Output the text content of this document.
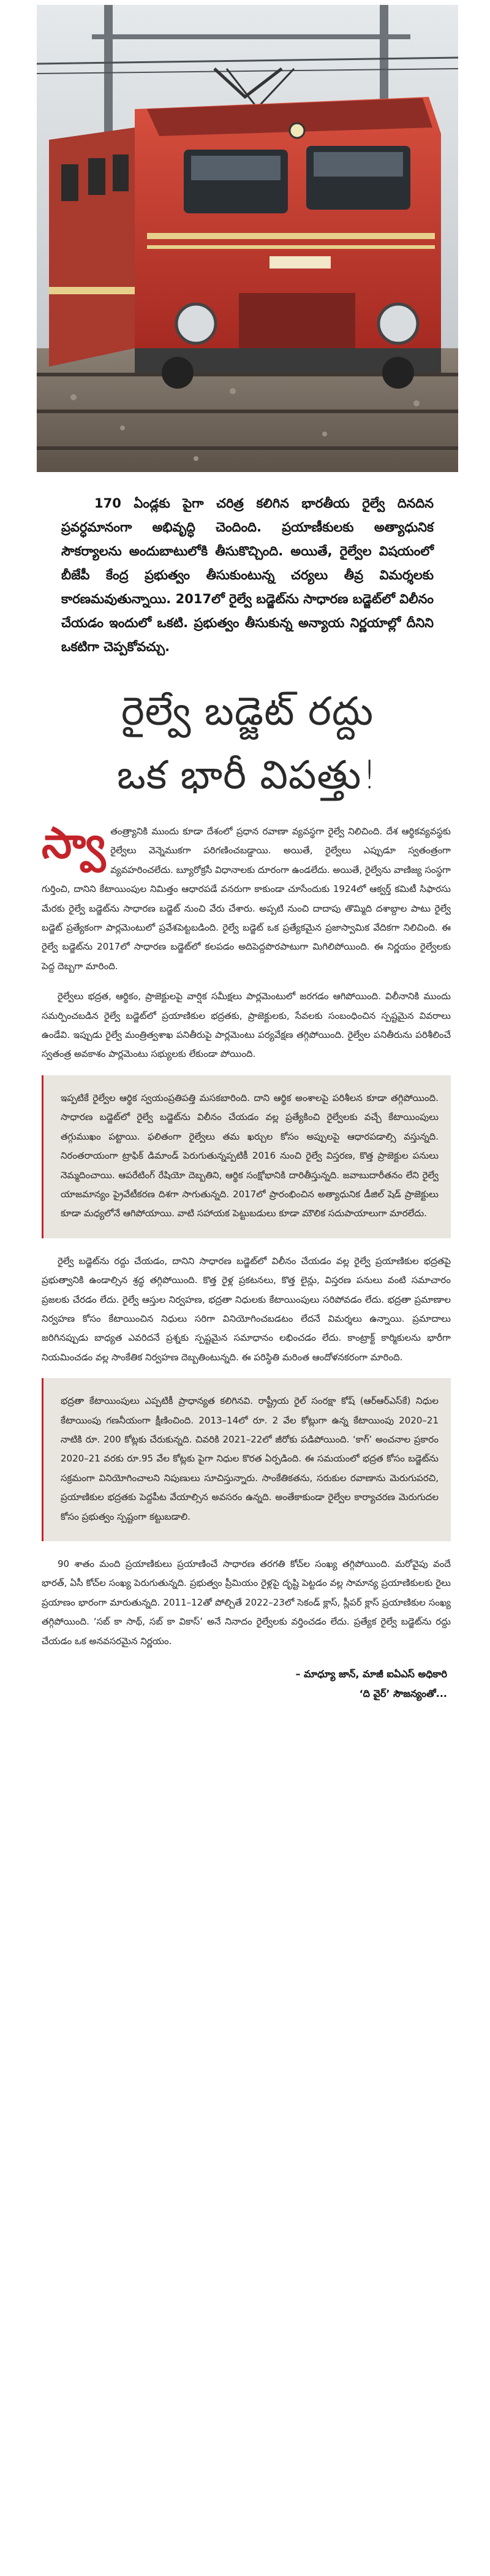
170 ఏండ్లకు పైగా చరిత్ర కలిగిన భారతీయ రైల్వే దినదిన ప్రవర్ధమానంగా అభివృద్ధి చెందింది. ప్రయాణీకులకు అత్యాధునిక సౌకర్యాలను అందుబాటులోకి తీసుకొచ్చింది. అయితే, రైల్వేల విషయంలో బీజేపీ కేంద్ర ప్రభుత్వం తీసుకుంటున్న చర్యలు తీవ్ర విమర్శలకు కారణమవుతున్నాయి. 2017లో రైల్వే బడ్జెట్‌ను సాధారణ బడ్జెట్‌లో విలీనం చేయడం ఇందులో ఒకటి. ప్రభుత్వం తీసుకున్న అన్యాయ నిర్ణయాల్లో దీనిని ఒకటిగా చెప్పకోవచ్చు.

రైల్వే బడ్జెట్‌ రద్దు
ఒక భారీ విపత్తు!

స్వా తంత్ర్యానికి ముందు కూడా దేశంలో ప్రధాన రవాణా వ్యవస్థగా రైల్వే నిలిచింది. దేశ ఆర్థికవ్యవస్థకు రైల్వేలు వెన్నెముకగా పరిగణించబడ్డాయి. అయితే, రైల్వేలు ఎప్పుడూ స్వతంత్రంగా వ్యవహరించలేదు. బ్యూరోక్రసీ విధానాలకు దూరంగా ఉండలేదు. అయితే, రైల్వేను వాణిజ్య సంస్థగా గుర్తించి, దానిని కేటాయింపుల నిమిత్తం ఆధారపడే వనరుగా కాకుండా చూసేందుకు 1924లో ఆక్వర్త్‌ కమిటీ సిఫారసు మేరకు రైల్వే బడ్జెట్‌ను సాధారణ బడ్జెట్‌ నుంచి వేరు చేశారు. అప్పటి నుంచి దాదాపు తొమ్మిది దశాబ్దాల పాటు రైల్వే బడ్జెట్‌ ప్రత్యేకంగా పార్లమెంటులో ప్రవేశపెట్టబడింది. రైల్వే బడ్జెట్‌ ఒక ప్రత్యేకమైన ప్రజాస్వామిక వేదికగా నిలిచింది. ఈ రైల్వే బడ్జెట్‌ను 2017లో సాధారణ బడ్జెట్‌లో కలపడం అదిపెద్దపొరపాటుగా మిగిలిపోయింది. ఈ నిర్ణయం రైల్వేలకు పెద్ద దెబ్బగా మారింది.

రైల్వేలు భద్రత, ఆర్థికం, ప్రాజెక్టులపై వార్షిక సమీక్షలు పార్లమెంటులో జరగడం ఆగిపోయింది. విలీనానికి ముందు సమర్పించబడిన రైల్వే బడ్జెట్‌లో ప్రయాణికుల భద్రతకు, ప్రాజెక్టులకు, సేవలకు సంబంధించిన స్పష్టమైన వివరాలు ఉండేవి. ఇప్పుడు రైల్వే మంత్రిత్వశాఖ పనితీరుపై పార్లమెంటు పర్యవేక్షణ తగ్గిపోయింది. రైల్వేల పనితీరును పరిశీలించే స్వతంత్ర అవకాశం పార్లమెంటు సభ్యులకు లేకుండా పోయింది.

ఇప్పటికే రైల్వేల ఆర్థిక స్వయంప్రతిపత్తి మసకబారింది. దాని ఆర్థిక అంశాలపై పరిశీలన కూడా తగ్గిపోయింది. సాధారణ బడ్జెట్‌లో రైల్వే బడ్జెట్‌ను విలీనం చేయడం వల్ల ప్రత్యేకించి రైల్వేలకు వచ్చే కేటాయింపులు తగ్గుముఖం పట్టాయి. ఫలితంగా రైల్వేలు తమ ఖర్చుల కోసం అప్పులపై ఆధారపడాల్సి వస్తున్నది. నిరంతరాయంగా ట్రాఫిక్‌ డిమాండ్‌ పెరుగుతున్నప్పటికీ 2016 నుంచి రైల్వే విస్తరణ, కొత్త ప్రాజెక్టుల పనులు నెమ్మదించాయి. ఆపరేటింగ్‌ రేషియో దెబ్బతిని, ఆర్థిక సంక్షోభానికి దారితీస్తున్నది. జవాబుదారీతనం లేని రైల్వే యాజమాన్యం ప్రైవేటీకరణ దిశగా సాగుతున్నది. 2017లో ప్రారంభించిన అత్యాధునిక డీజిల్‌ షెడ్‌ ప్రాజెక్టులు కూడా మధ్యలోనే ఆగిపోయాయి. వాటి సహాయక పెట్టుబడులు కూడా మౌలిక సదుపాయాలుగా మారలేదు.

రైల్వే బడ్జెట్‌ను రద్దు చేయడం, దానిని సాధారణ బడ్జెట్‌లో విలీనం చేయడం వల్ల రైల్వే ప్రయాణికుల భద్రతపై ప్రభుత్వానికి ఉండాల్సిన శ్రద్ధ తగ్గిపోయింది. కొత్త రైళ్ల ప్రకటనలు, కొత్త లైన్లు, విస్తరణ పనులు వంటి సమాచారం ప్రజలకు చేరడం లేదు. రైల్వే ఆస్తుల నిర్వహణ, భద్రతా నిధులకు కేటాయింపులు సరిపోవడం లేదు. భద్రతా ప్రమాణాల నిర్వహణ కోసం కేటాయించిన నిధులు సరిగా వినియోగించబడటం లేదనే విమర్శలు ఉన్నాయి. ప్రమాదాలు జరిగినప్పుడు బాధ్యత ఎవరిదనే ప్రశ్నకు స్పష్టమైన సమాధానం లభించడం లేదు. కాంట్రాక్ట్‌ కార్మికులను భారీగా నియమించడం వల్ల సాంకేతిక నిర్వహణ దెబ్బతింటున్నది. ఈ పరిస్థితి మరింత ఆందోళనకరంగా మారింది.

భద్రతా కేటాయింపులు ఎప్పటికీ ప్రాధాన్యత కలిగినవి. రాష్ట్రీయ రైల్‌ సంరక్షా కోష్‌ (ఆర్‌ఆర్‌ఎస్‌కే) నిధుల కేటాయింపు గణనీయంగా క్షీణించింది. 2013–14లో రూ. 2 వేల కోట్లుగా ఉన్న కేటాయింపు 2020–21 నాటికి రూ. 200 కోట్లకు చేరుకున్నది. చివరికి 2021–22లో జీరోకు పడిపోయింది. ‘కాగ్‌’ అంచనాల ప్రకారం 2020–21 వరకు రూ.95 వేల కోట్లకు పైగా నిధుల కొరత ఏర్పడింది. ఈ సమయంలో భద్రత కోసం బడ్జెట్‌ను సక్రమంగా వినియోగించాలని నిపుణులు సూచిస్తున్నారు. సాంకేతికతను, సరుకుల రవాణాను మెరుగుపరచి, ప్రయాణికుల భద్రతకు పెద్దపీట వేయాల్సిన అవసరం ఉన్నది. అంతేకాకుండా రైల్వేల కార్యాచరణ మెరుగుదల కోసం ప్రభుత్వం స్పష్టంగా కట్టుబడాలి.

90 శాతం మంది ప్రయాణికులు ప్రయాణించే సాధారణ తరగతి కోచ్‌ల సంఖ్య తగ్గిపోయింది. మరోవైపు వందే భారత్‌, ఏసీ కోచ్‌ల సంఖ్య పెరుగుతున్నది. ప్రభుత్వం ప్రీమియం రైళ్లపై దృష్టి పెట్టడం వల్ల సామాన్య ప్రయాణికులకు రైలు ప్రయాణం భారంగా మారుతున్నది. 2011–12తో పోల్చితే 2022–23లో సెకండ్‌ క్లాస్‌, స్లీపర్‌ క్లాస్‌ ప్రయాణికుల సంఖ్య తగ్గిపోయింది. ‘సబ్‌ కా సాథ్‌, సబ్‌ కా వికాస్‌’ అనే నినాదం రైల్వేలకు వర్తించడం లేదు. ప్రత్యేక రైల్వే బడ్జెట్‌ను రద్దు చేయడం ఒక అనవసరమైన నిర్ణయం.

– మాధ్యూ జాన్‌, మాజీ ఐఏఎస్‌ అధికారి
‘ది వైర్‌’ సౌజన్యంతో...
